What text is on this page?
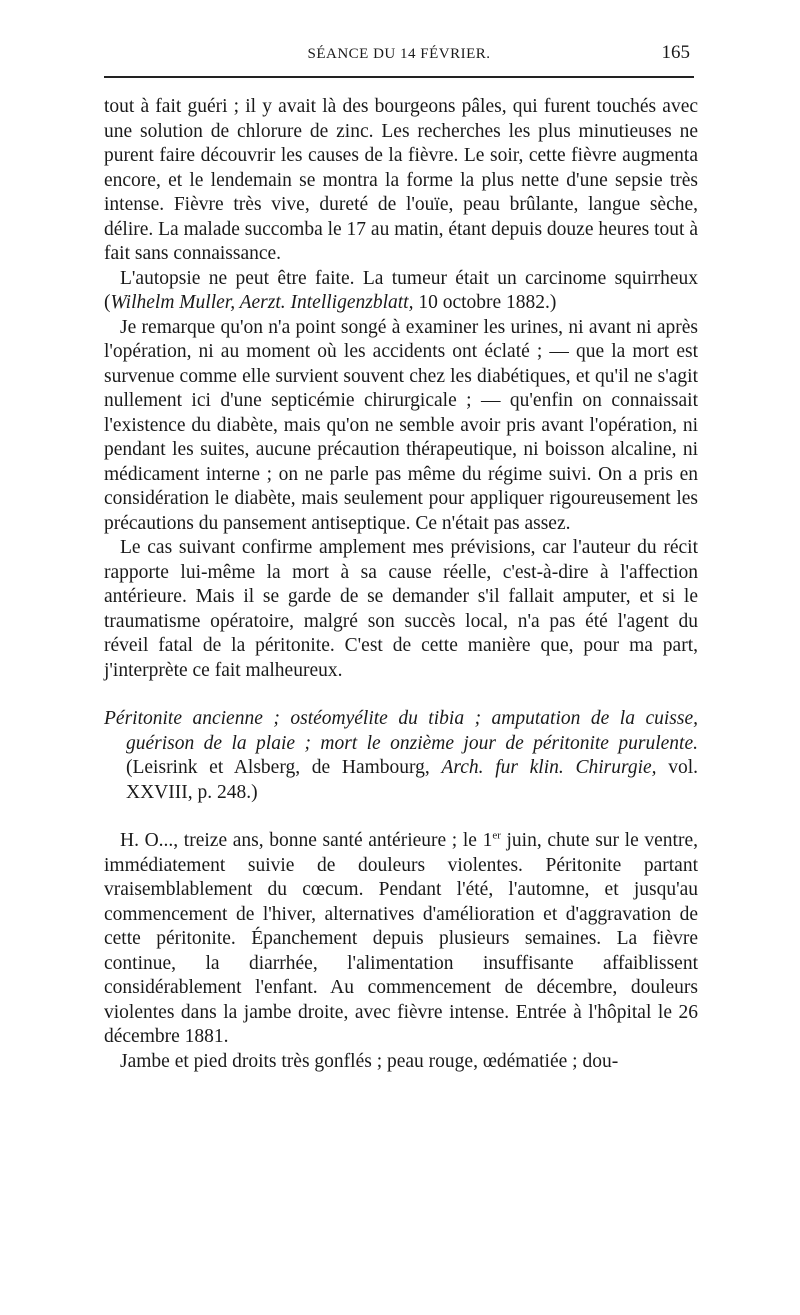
SÉANCE DU 14 FÉVRIER.	165

tout à fait guéri ; il y avait là des bourgeons pâles, qui furent touchés avec une solution de chlorure de zinc. Les recherches les plus minutieuses ne purent faire découvrir les causes de la fièvre. Le soir, cette fièvre augmenta encore, et le lendemain se montra la forme la plus nette d'une sepsie très intense. Fièvre très vive, dureté de l'ouïe, peau brûlante, langue sèche, délire. La malade succomba le 17 au matin, étant depuis douze heures tout à fait sans connaissance.

L'autopsie ne peut être faite. La tumeur était un carcinome squirrheux (Wilhelm Muller, Aerzt. Intelligenzblatt, 10 octobre 1882.)

Je remarque qu'on n'a point songé à examiner les urines, ni avant ni après l'opération, ni au moment où les accidents ont éclaté ; — que la mort est survenue comme elle survient souvent chez les diabétiques, et qu'il ne s'agit nullement ici d'une septicémie chirurgicale ; — qu'enfin on connaissait l'existence du diabète, mais qu'on ne semble avoir pris avant l'opération, ni pendant les suites, aucune précaution thérapeutique, ni boisson alcaline, ni médicament interne ; on ne parle pas même du régime suivi. On a pris en considération le diabète, mais seulement pour appliquer rigoureusement les précautions du pansement antiseptique. Ce n'était pas assez.

Le cas suivant confirme amplement mes prévisions, car l'auteur du récit rapporte lui-même la mort à sa cause réelle, c'est-à-dire à l'affection antérieure. Mais il se garde de se demander s'il fallait amputer, et si le traumatisme opératoire, malgré son succès local, n'a pas été l'agent du réveil fatal de la péritonite. C'est de cette manière que, pour ma part, j'interprète ce fait malheureux.

Péritonite ancienne ; ostéomyélite du tibia ; amputation de la cuisse, guérison de la plaie ; mort le onzième jour de péritonite purulente. (Leisrink et Alsberg, de Hambourg, Arch. fur klin. Chirurgie, vol. XXVIII, p. 248.)

H. O..., treize ans, bonne santé antérieure ; le 1er juin, chute sur le ventre, immédiatement suivie de douleurs violentes. Péritonite partant vraisemblablement du cœcum. Pendant l'été, l'automne, et jusqu'au commencement de l'hiver, alternatives d'amélioration et d'aggravation de cette péritonite. Épanchement depuis plusieurs semaines. La fièvre continue, la diarrhée, l'alimentation insuffisante affaiblissent considérablement l'enfant. Au commencement de décembre, douleurs violentes dans la jambe droite, avec fièvre intense. Entrée à l'hôpital le 26 décembre 1881.

Jambe et pied droits très gonflés ; peau rouge, œdématiée ; dou-
